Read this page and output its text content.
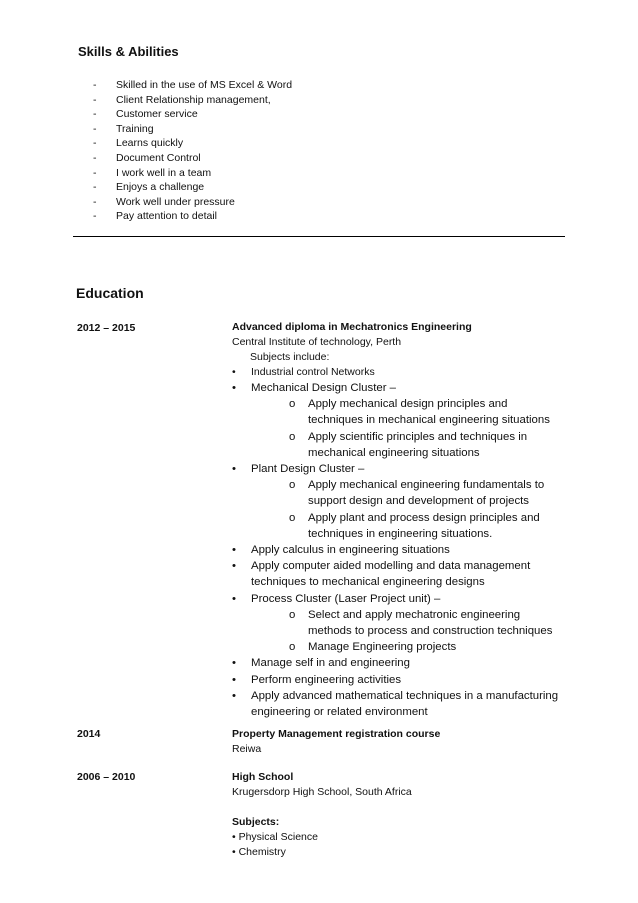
Skills & Abilities
- Skilled in the use of MS Excel & Word
- Client Relationship management,
- Customer service
- Training
- Learns quickly
- Document Control
- I work well in a team
- Enjoys a challenge
- Work well under pressure
- Pay attention to detail
Education
2012 – 2015	Advanced diploma in Mechatronics Engineering
Central Institute of technology, Perth
Subjects include:
• Industrial control Networks
• Mechanical Design Cluster –
o Apply mechanical design principles and techniques in mechanical engineering situations
o Apply scientific principles and techniques in mechanical engineering situations
• Plant Design Cluster –
o Apply mechanical engineering fundamentals to support design and development of projects
o Apply plant and process design principles and techniques in engineering situations.
• Apply calculus in engineering situations
• Apply computer aided modelling and data management techniques to mechanical engineering designs
• Process Cluster (Laser Project unit) –
o Select and apply mechatronic engineering methods to process and construction techniques
o Manage Engineering projects
• Manage self in and engineering
• Perform engineering activities
• Apply advanced mathematical techniques in a manufacturing engineering or related environment
2014	Property Management registration course
Reiwa
2006 – 2010	High School
Krugersdorp High School, South Africa
Subjects:
• Physical Science
• Chemistry
